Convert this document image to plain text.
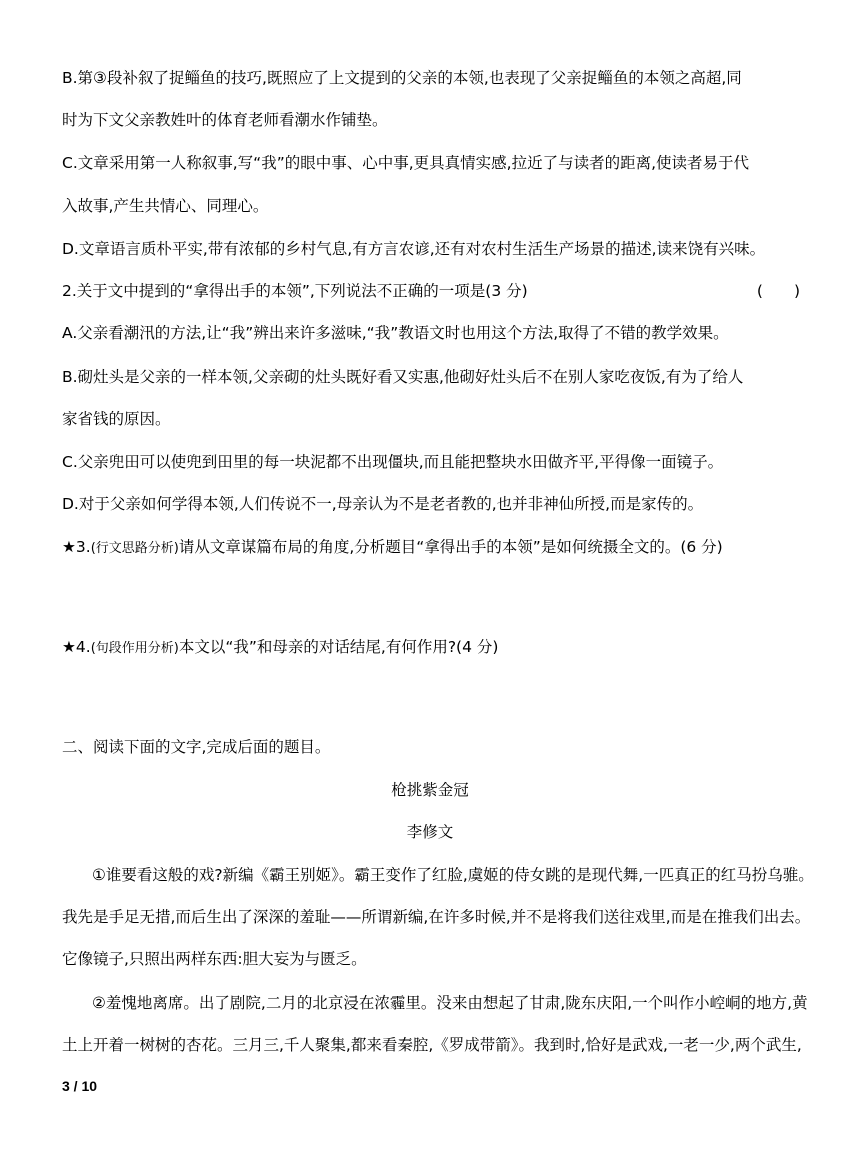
B.第③段补叙了捉鲻鱼的技巧,既照应了上文提到的父亲的本领,也表现了父亲捉鲻鱼的本领之高超,同
时为下文父亲教姓叶的体育老师看潮水作铺垫。
C.文章采用第一人称叙事,写“我”的眼中事、心中事,更具真情实感,拉近了与读者的距离,使读者易于代
入故事,产生共情心、同理心。
D.文章语言质朴平实,带有浓郁的乡村气息,有方言农谚,还有对农村生活生产场景的描述,读来饶有兴味。
2.关于文中提到的“拿得出手的本领”,下列说法不正确的一项是(3 分)	(　　)
A.父亲看潮汛的方法,让“我”辨出来许多滋味,“我”教语文时也用这个方法,取得了不错的教学效果。
B.砌灶头是父亲的一样本领,父亲砌的灶头既好看又实惠,他砌好灶头后不在别人家吃夜饭,有为了给人
家省钱的原因。
C.父亲兜田可以使兜到田里的每一块泥都不出现僵块,而且能把整块水田做齐平,平得像一面镜子。
D.对于父亲如何学得本领,人们传说不一,母亲认为不是老者教的,也并非神仙所授,而是家传的。
★3.(行文思路分析)请从文章谋篇布局的角度,分析题目“拿得出手的本领”是如何统摄全文的。(6 分)
★4.(句段作用分析)本文以“我”和母亲的对话结尾,有何作用?(4 分)
二、阅读下面的文字,完成后面的题目。
枪挑紫金冠
李修文
①谁要看这般的戏?新编《霸王别姬》。霸王变作了红脸,虞姬的侍女跳的是现代舞,一匹真正的红马扮乌骓。
我先是手足无措,而后生出了深深的羞耻——所谓新编,在许多时候,并不是将我们送往戏里,而是在推我们出去。
它像镜子,只照出两样东西:胆大妄为与匮乏。
②羞愧地离席。出了剧院,二月的北京浸在浓霾里。没来由想起了甘肃,陇东庆阳,一个叫作小崆峒的地方,黄
土上开着一树树的杏花。三月三,千人聚集,都来看秦腔,《罗成带箭》。我到时,恰好是武戏,一老一少,两个武生,
3 / 10
